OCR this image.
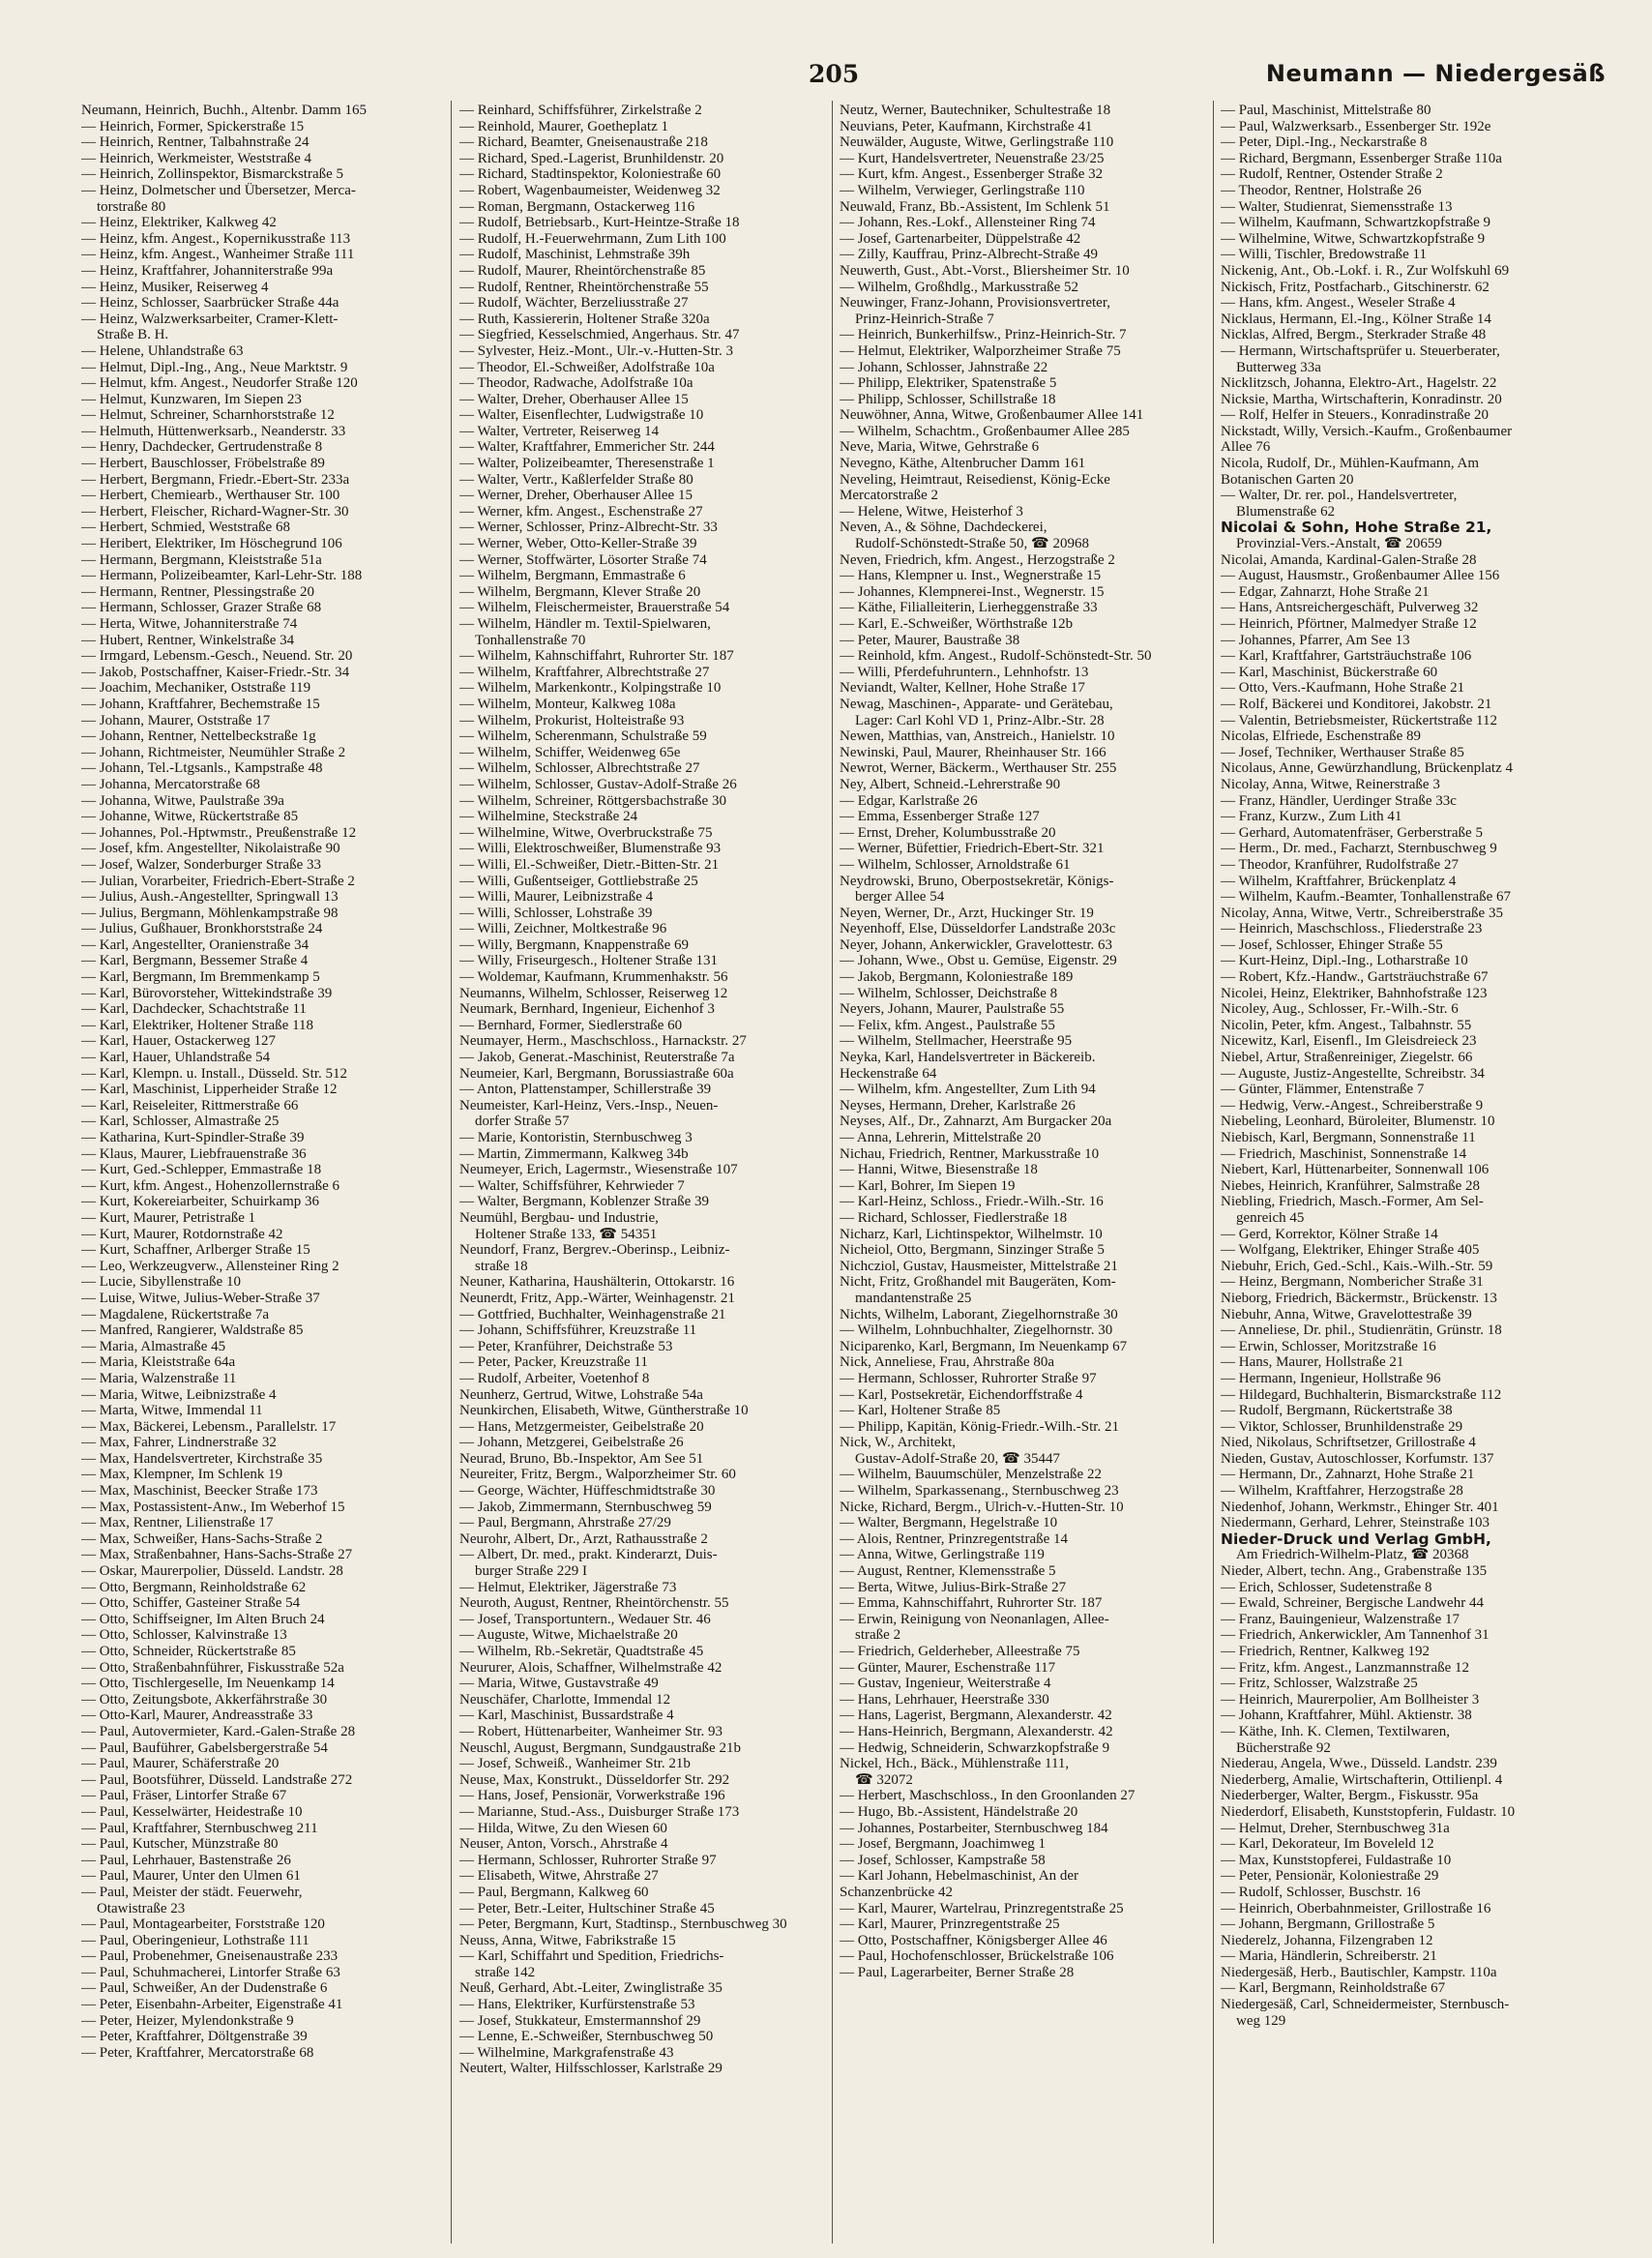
205	Neumann — Niedergesäß
Neumann, Heinrich, Buchh., Altenbr. Damm 165
— Heinrich, Former, Spickerstraße 15
— Heinrich, Rentner, Talbahnstraße 24
— Heinrich, Werkmeister, Weststraße 4
— Heinrich, Zollinspektor, Bismarckstraße 5
— Heinz, Dolmetscher und Übersetzer, Merca-
torstraße 80
— Heinz, Elektriker, Kalkweg 42
— Heinz, kfm. Angest., Kopernikusstraße 113
— Heinz, kfm. Angest., Wanheimer Straße 111
— Heinz, Kraftfahrer, Johanniterstraße 99a
— Heinz, Musiker, Reiserweg 4
— Heinz, Schlosser, Saarbrücker Straße 44a
— Heinz, Walzwerksarbeiter, Cramer-Klett-
Straße B. H.
— Helene, Uhlandstraße 63
— Helmut, Dipl.-Ing., Ang., Neue Marktstr. 9
— Helmut, kfm. Angest., Neudorfer Straße 120
— Helmut, Kunzwaren, Im Siepen 23
— Helmut, Schreiner, Scharnhorststraße 12
— Helmuth, Hüttenwerksarb., Neanderstr. 33
— Henry, Dachdecker, Gertrudenstraße 8
— Herbert, Bauschlosser, Fröbelstraße 89
— Herbert, Bergmann, Friedr.-Ebert-Str. 233a
— Herbert, Chemiearb., Werthauser Str. 100
— Herbert, Fleischer, Richard-Wagner-Str. 30
— Herbert, Schmied, Weststraße 68
— Heribert, Elektriker, Im Höschegrund 106
— Hermann, Bergmann, Kleiststraße 51a
— Hermann, Polizeibeamter, Karl-Lehr-Str. 188
— Hermann, Rentner, Plessingstraße 20
— Hermann, Schlosser, Grazer Straße 68
— Herta, Witwe, Johanniterstraße 74
— Hubert, Rentner, Winkelstraße 34
— Irmgard, Lebensm.-Gesch., Neuend. Str. 20
— Jakob, Postschaffner, Kaiser-Friedr.-Str. 34
— Joachim, Mechaniker, Oststraße 119
— Johann, Kraftfahrer, Bechemstraße 15
— Johann, Maurer, Oststraße 17
— Johann, Rentner, Nettelbeckstraße 1g
— Johann, Richtmeister, Neumühler Straße 2
— Johann, Tel.-Ltgsanls., Kampstraße 48
— Johanna, Mercatorstraße 68
— Johanna, Witwe, Paulstraße 39a
— Johanne, Witwe, Rückertstraße 85
— Johannes, Pol.-Hptwmstr., Preußenstraße 12
— Josef, kfm. Angestellter, Nikolaistraße 90
— Josef, Walzer, Sonderburger Straße 33
— Julian, Vorarbeiter, Friedrich-Ebert-Straße 2
— Julius, Aush.-Angestellter, Springwall 13
— Julius, Bergmann, Möhlenkampstraße 98
— Julius, Gußhauer, Bronkhorststraße 24
— Karl, Angestellter, Oranienstraße 34
— Karl, Bergmann, Bessemer Straße 4
— Karl, Bergmann, Im Bremmenkamp 5
— Karl, Bürovorsteher, Wittekindstraße 39
— Karl, Dachdecker, Schachtstraße 11
— Karl, Elektriker, Holtener Straße 118
— Karl, Hauer, Ostackerweg 127
— Karl, Hauer, Uhlandstraße 54
— Karl, Klempn. u. Install., Düsseld. Str. 512
— Karl, Maschinist, Lipperheider Straße 12
— Karl, Reiseleiter, Rittmerstraße 66
— Karl, Schlosser, Almastraße 25
— Katharina, Kurt-Spindler-Straße 39
— Klaus, Maurer, Liebfrauenstraße 36
— Kurt, Ged.-Schlepper, Emmastraße 18
— Kurt, kfm. Angest., Hohenzollernstraße 6
— Kurt, Kokereiarbeiter, Schuirkamp 36
— Kurt, Maurer, Petristraße 1
— Kurt, Maurer, Rotdornstraße 42
— Kurt, Schaffner, Arlberger Straße 15
— Leo, Werkzeugverw., Allensteiner Ring 2
— Lucie, Sibyllenstraße 10
— Luise, Witwe, Julius-Weber-Straße 37
— Magdalene, Rückertstraße 7a
— Manfred, Rangierer, Waldstraße 85
— Maria, Almastraße 45
— Maria, Kleiststraße 64a
— Maria, Walzenstraße 11
— Maria, Witwe, Leibnizstraße 4
— Marta, Witwe, Immendal 11
— Max, Bäckerei, Lebensm., Parallelstr. 17
— Max, Fahrer, Lindnerstraße 32
— Max, Handelsvertreter, Kirchstraße 35
— Max, Klempner, Im Schlenk 19
— Max, Maschinist, Beecker Straße 173
— Max, Postassistent-Anw., Im Weberhof 15
— Max, Rentner, Lilienstraße 17
— Max, Schweißer, Hans-Sachs-Straße 2
— Max, Straßenbahner, Hans-Sachs-Straße 27
— Oskar, Maurerpolier, Düsseld. Landstr. 28
— Otto, Bergmann, Reinholdstraße 62
— Otto, Schiffer, Gasteiner Straße 54
— Otto, Schiffseigner, Im Alten Bruch 24
— Otto, Schlosser, Kalvinstraße 13
— Otto, Schneider, Rückertstraße 85
— Otto, Straßenbahnführer, Fiskusstraße 52a
— Otto, Tischlergeselle, Im Neuenkamp 14
— Otto, Zeitungsbote, Akkerfährstraße 30
— Otto-Karl, Maurer, Andreasstraße 33
— Paul, Autovermieter, Kard.-Galen-Straße 28
— Paul, Bauführer, Gabelsbergerstraße 54
— Paul, Maurer, Schäferstraße 20
— Paul, Bootsführer, Düsseld. Landstraße 272
— Paul, Fräser, Lintorfer Straße 67
— Paul, Kesselwärter, Heidestraße 10
— Paul, Kraftfahrer, Sternbuschweg 211
— Paul, Kutscher, Münzstraße 80
— Paul, Lehrhauer, Bastenstraße 26
— Paul, Maurer, Unter den Ulmen 61
— Paul, Meister der städt. Feuerwehr,
Otawistraße 23
— Paul, Montagearbeiter, Forststraße 120
— Paul, Oberingenieur, Lothstraße 111
— Paul, Probenehmer, Gneisenaustraße 233
— Paul, Schuhmacherei, Lintorfer Straße 63
— Paul, Schweißer, An der Dudenstraße 6
— Peter, Eisenbahn-Arbeiter, Eigenstraße 41
— Peter, Heizer, Mylendonkstraße 9
— Peter, Kraftfahrer, Döltgenstraße 39
— Peter, Kraftfahrer, Mercatorstraße 68
— Reinhard, Schiffsführer, Zirkelstraße 2
— Reinhold, Maurer, Goetheplatz 1
— Richard, Beamter, Gneisenaustraße 218
— Richard, Sped.-Lagerist, Brunhildenstr. 20
— Richard, Stadtinspektor, Koloniestraße 60
— Robert, Wagenbaumeister, Weidenweg 32
— Roman, Bergmann, Ostackerweg 116
— Rudolf, Betriebsarb., Kurt-Heintze-Straße 18
— Rudolf, H.-Feuerwehrmann, Zum Lith 100
— Rudolf, Maschinist, Lehmstraße 39h
— Rudolf, Maurer, Rheintörchenstraße 85
— Rudolf, Rentner, Rheintörchenstraße 55
— Rudolf, Wächter, Berzeliusstraße 27
— Ruth, Kassiererin, Holtener Straße 320a
— Siegfried, Kesselschmied, Angerhaus. Str. 47
— Sylvester, Heiz.-Mont., Ulr.-v.-Hutten-Str. 3
— Theodor, El.-Schweißer, Adolfstraße 10a
— Theodor, Radwache, Adolfstraße 10a
— Walter, Dreher, Oberhauser Allee 15
— Walter, Eisenflechter, Ludwigstraße 10
— Walter, Vertreter, Reiserweg 14
— Walter, Kraftfahrer, Emmericher Str. 244
— Walter, Polizeibeamter, Theresenstraße 1
— Walter, Vertr., Kaßlerfelder Straße 80
— Werner, Dreher, Oberhauser Allee 15
— Werner, kfm. Angest., Eschenstraße 27
— Werner, Schlosser, Prinz-Albrecht-Str. 33
— Werner, Weber, Otto-Keller-Straße 39
— Werner, Stoffwärter, Lösorter Straße 74
— Wilhelm, Bergmann, Emmastraße 6
— Wilhelm, Bergmann, Klever Straße 20
— Wilhelm, Fleischermeister, Brauerstraße 54
— Wilhelm, Händler m. Textil-Spielwaren,
Tonhallenstraße 70
— Wilhelm, Kahnschiffahrt, Ruhrorter Str. 187
— Wilhelm, Kraftfahrer, Albrechtstraße 27
— Wilhelm, Markenkontr., Kolpingstraße 10
— Wilhelm, Monteur, Kalkweg 108a
— Wilhelm, Prokurist, Holteistraße 93
— Wilhelm, Scherenmann, Schulstraße 59
— Wilhelm, Schiffer, Weidenweg 65e
— Wilhelm, Schlosser, Albrechtstraße 27
— Wilhelm, Schlosser, Gustav-Adolf-Straße 26
— Wilhelm, Schreiner, Röttgersbachstraße 30
— Wilhelmine, Steckstraße 24
— Wilhelmine, Witwe, Overbruckstraße 75
— Willi, Elektroschweißer, Blumenstraße 93
— Willi, El.-Schweißer, Dietr.-Bitten-Str. 21
— Willi, Gußentseiger, Gottliebstraße 25
— Willi, Maurer, Leibnizstraße 4
— Willi, Schlosser, Lohstraße 39
— Willi, Zeichner, Moltkestraße 96
— Willy, Bergmann, Knappenstraße 69
— Willy, Friseurgesch., Holtener Straße 131
— Woldemar, Kaufmann, Krummenhakstr. 56
Neumanns, Wilhelm, Schlosser, Reiserweg 12
Neumark, Bernhard, Ingenieur, Eichenhof 3
— Bernhard, Former, Siedlerstraße 60
Neumayer, Herm., Maschschloss., Harnackstr. 27
— Jakob, Generat.-Maschinist, Reuterstraße 7a
Neumeier, Karl, Bergmann, Borussiastraße 60a
— Anton, Plattenstamper, Schillerstraße 39
Neumeister, Karl-Heinz, Vers.-Insp., Neuen-
dorfer Straße 57
— Marie, Kontoristin, Sternbuschweg 3
— Martin, Zimmermann, Kalkweg 34b
Neumeyer, Erich, Lagermstr., Wiesenstraße 107
— Walter, Schiffsführer, Kehrwieder 7
— Walter, Bergmann, Koblenzer Straße 39
Neumühl, Bergbau- und Industrie,
Holtener Straße 133, ☎ 54351
Neundorf, Franz, Bergrev.-Oberinsp., Leibniz-
straße 18
Neuner, Katharina, Haushälterin, Ottokarstr. 16
Neunerdt, Fritz, App.-Wärter, Weinhagenstr. 21
— Gottfried, Buchhalter, Weinhagenstraße 21
— Johann, Schiffsführer, Kreuzstraße 11
— Peter, Kranführer, Deichstraße 53
— Peter, Packer, Kreuzstraße 11
— Rudolf, Arbeiter, Voetenhof 8
Neunherz, Gertrud, Witwe, Lohstraße 54a
Neunkirchen, Elisabeth, Witwe, Güntherstraße 10
— Hans, Metzgermeister, Geibelstraße 20
— Johann, Metzgerei, Geibelstraße 26
Neurad, Bruno, Bb.-Inspektor, Am See 51
Neureiter, Fritz, Bergm., Walporzheimer Str. 60
— George, Wächter, Hüffeschmidtstraße 30
— Jakob, Zimmermann, Sternbuschweg 59
— Paul, Bergmann, Ahrstraße 27/29
Neurohr, Albert, Dr., Arzt, Rathausstraße 2
— Albert, Dr. med., prakt. Kinderarzt, Duis-
burger Straße 229 I
— Helmut, Elektriker, Jägerstraße 73
Neuroth, August, Rentner, Rheintörchenstr. 55
— Josef, Transportuntern., Wedauer Str. 46
— Auguste, Witwe, Michaelstraße 20
— Wilhelm, Rb.-Sekretär, Quadtstraße 45
Neururer, Alois, Schaffner, Wilhelmstraße 42
— Maria, Witwe, Gustavstraße 49
Neuschäfer, Charlotte, Immendal 12
— Karl, Maschinist, Bussardstraße 4
— Robert, Hüttenarbeiter, Wanheimer Str. 93
Neuschl, August, Bergmann, Sundgaustraße 21b
— Josef, Schweiß., Wanheimer Str. 21b
Neuse, Max, Konstrukt., Düsseldorfer Str. 292
— Hans, Josef, Pensionär, Vorwerkstraße 196
— Marianne, Stud.-Ass., Duisburger Straße 173
— Hilda, Witwe, Zu den Wiesen 60
Neuser, Anton, Vorsch., Ahrstraße 4
— Hermann, Schlosser, Ruhrorter Straße 97
— Elisabeth, Witwe, Ahrstraße 27
— Paul, Bergmann, Kalkweg 60
— Peter, Betr.-Leiter, Hultschiner Straße 45
— Peter, Bergmann, Kurt, Stadtinsp., Sternbuschweg 30
Neuss, Anna, Witwe, Fabrikstraße 15
— Karl, Schiffahrt und Spedition, Friedrichs-
straße 142
Neuß, Gerhard, Abt.-Leiter, Zwinglistraße 35
— Hans, Elektriker, Kurfürstenstraße 53
— Josef, Stukkateur, Emstermannshof 29
— Lenne, E.-Schweißer, Sternbuschweg 50
— Wilhelmine, Markgrafenstraße 43
Neutert, Walter, Hilfsschlosser, Karlstraße 29
Neutz, Werner, Bautechniker, Schultestraße 18
Neuvians, Peter, Kaufmann, Kirchstraße 41
Neuwälder, Auguste, Witwe, Gerlingstraße 110
— Kurt, Handelsvertreter, Neuenstraße 23/25
— Kurt, kfm. Angest., Essenberger Straße 32
— Wilhelm, Verwieger, Gerlingstraße 110
Neuwald, Franz, Bb.-Assistent, Im Schlenk 51
— Johann, Res.-Lokf., Allensteiner Ring 74
— Josef, Gartenarbeiter, Düppelstraße 42
— Zilly, Kauffrau, Prinz-Albrecht-Straße 49
Neuwerth, Gust., Abt.-Vorst., Bliersheimer Str. 10
— Wilhelm, Großhdlg., Markusstraße 52
Neuwinger, Franz-Johann, Provisionsvertreter,
Prinz-Heinrich-Straße 7
— Heinrich, Bunkerhilfsw., Prinz-Heinrich-Str. 7
— Helmut, Elektriker, Walporzheimer Straße 75
— Johann, Schlosser, Jahnstraße 22
— Philipp, Elektriker, Spatenstraße 5
— Philipp, Schlosser, Schillstraße 18
Neuwöhner, Anna, Witwe, Großenbaumer Allee 141
— Wilhelm, Schachtm., Großenbaumer Allee 285
Neve, Maria, Witwe, Gehrstraße 6
Nevegno, Käthe, Altenbrucher Damm 161
Neveling, Heimtraut, Reisedienst, König-Ecke
Mercatorstraße 2
— Helene, Witwe, Heisterhof 3
Neven, A., & Söhne, Dachdeckerei,
Rudolf-Schönstedt-Straße 50, ☎ 20968
Neven, Friedrich, kfm. Angest., Herzogstraße 2
— Hans, Klempner u. Inst., Wegnerstraße 15
— Johannes, Klempnerei-Inst., Wegnerstr. 15
— Käthe, Filialleiterin, Lierheggenstraße 33
— Karl, E.-Schweißer, Wörthstraße 12b
— Peter, Maurer, Baustraße 38
— Reinhold, kfm. Angest., Rudolf-Schönstedt-Str. 50
— Willi, Pferdefuhruntern., Lehnhofstr. 13
Neviandt, Walter, Kellner, Hohe Straße 17
Newag, Maschinen-, Apparate- und Gerätebau,
Lager: Carl Kohl VD 1, Prinz-Albr.-Str. 28
Newen, Matthias, van, Anstreich., Hanielstr. 10
Newinski, Paul, Maurer, Rheinhauser Str. 166
Newrot, Werner, Bäckerm., Werthauser Str. 255
Ney, Albert, Schneid.-Lehrerstraße 90
— Edgar, Karlstraße 26
— Emma, Essenberger Straße 127
— Ernst, Dreher, Kolumbusstraße 20
— Werner, Büfettier, Friedrich-Ebert-Str. 321
— Wilhelm, Schlosser, Arnoldstraße 61
Neydrowski, Bruno, Oberpostsekretär, Königs-
berger Allee 54
Neyen, Werner, Dr., Arzt, Huckinger Str. 19
Neyenhoff, Else, Düsseldorfer Landstraße 203c
Neyer, Johann, Ankerwickler, Gravelottestr. 63
— Johann, Wwe., Obst u. Gemüse, Eigenstr. 29
— Jakob, Bergmann, Koloniestraße 189
— Wilhelm, Schlosser, Deichstraße 8
Neyers, Johann, Maurer, Paulstraße 55
— Felix, kfm. Angest., Paulstraße 55
— Wilhelm, Stellmacher, Heerstraße 95
Neyka, Karl, Handelsvertreter in Bäckereib.
Heckenstraße 64
— Wilhelm, kfm. Angestellter, Zum Lith 94
Neyses, Hermann, Dreher, Karlstraße 26
Neyses, Alf., Dr., Zahnarzt, Am Burgacker 20a
— Anna, Lehrerin, Mittelstraße 20
Nichau, Friedrich, Rentner, Markusstraße 10
— Hanni, Witwe, Biesenstraße 18
— Karl, Bohrer, Im Siepen 19
— Karl-Heinz, Schloss., Friedr.-Wilh.-Str. 16
— Richard, Schlosser, Fiedlerstraße 18
Nicharz, Karl, Lichtinspektor, Wilhelmstr. 10
Nicheiol, Otto, Bergmann, Sinzinger Straße 5
Nichcziol, Gustav, Hausmeister, Mittelstraße 21
Nicht, Fritz, Großhandel mit Baugeräten, Kom-
mandantenstraße 25
Nichts, Wilhelm, Laborant, Ziegelhornstraße 30
— Wilhelm, Lohnbuchhalter, Ziegelhornstr. 30
Niciparenko, Karl, Bergmann, Im Neuenkamp 67
Nick, Anneliese, Frau, Ahrstraße 80a
— Hermann, Schlosser, Ruhrorter Straße 97
— Karl, Postsekretär, Eichendorffstraße 4
— Karl, Holtener Straße 85
— Philipp, Kapitän, König-Friedr.-Wilh.-Str. 21
Nick, W., Architekt,
Gustav-Adolf-Straße 20, ☎ 35447
— Wilhelm, Bauumschüler, Menzelstraße 22
— Wilhelm, Sparkassenang., Sternbuschweg 23
Nicke, Richard, Bergm., Ulrich-v.-Hutten-Str. 10
— Walter, Bergmann, Hegelstraße 10
— Alois, Rentner, Prinzregentstraße 14
— Anna, Witwe, Gerlingstraße 119
— August, Rentner, Klemensstraße 5
— Berta, Witwe, Julius-Birk-Straße 27
— Emma, Kahnschiffahrt, Ruhrorter Str. 187
— Erwin, Reinigung von Neonanlagen, Allee-
straße 2
— Friedrich, Gelderheber, Alleestraße 75
— Günter, Maurer, Eschenstraße 117
— Gustav, Ingenieur, Weiterstraße 4
— Hans, Lehrhauer, Heerstraße 330
— Hans, Lagerist, Bergmann, Alexanderstr. 42
— Hans-Heinrich, Bergmann, Alexanderstr. 42
— Hedwig, Schneiderin, Schwarzkopfstraße 9
Nickel, Hch., Bäck., Mühlenstraße 111,
☎ 32072
— Herbert, Maschschloss., In den Groonlanden 27
— Hugo, Bb.-Assistent, Händelstraße 20
— Johannes, Postarbeiter, Sternbuschweg 184
— Josef, Bergmann, Joachimweg 1
— Josef, Schlosser, Kampstraße 58
— Karl Johann, Hebelmaschinist, An der
Schanzenbrücke 42
— Karl, Maurer, Wartelrau, Prinzregentstraße 25
— Karl, Maurer, Prinzregentstraße 25
— Otto, Postschaffner, Königsberger Allee 46
— Paul, Hochofenschlosser, Brückelstraße 106
— Paul, Lagerarbeiter, Berner Straße 28
— Paul, Maschinist, Mittelstraße 80
— Paul, Walzwerksarb., Essenberger Str. 192e
— Peter, Dipl.-Ing., Neckarstraße 8
— Richard, Bergmann, Essenberger Straße 110a
— Rudolf, Rentner, Ostender Straße 2
— Theodor, Rentner, Holstraße 26
— Walter, Studienrat, Siemensstraße 13
— Wilhelm, Kaufmann, Schwartzkopfstraße 9
— Wilhelmine, Witwe, Schwartzkopfstraße 9
— Willi, Tischler, Bredowstraße 11
Nickenig, Ant., Ob.-Lokf. i. R., Zur Wolfskuhl 69
Nickisch, Fritz, Postfacharb., Gitschinerstr. 62
— Hans, kfm. Angest., Weseler Straße 4
Nicklaus, Hermann, El.-Ing., Kölner Straße 14
Nicklas, Alfred, Bergm., Sterkrader Straße 48
— Hermann, Wirtschaftsprüfer u. Steuerberater,
Butterweg 33a
Nicklitzsch, Johanna, Elektro-Art., Hagelstr. 22
Nicksie, Martha, Wirtschafterin, Konradinstr. 20
— Rolf, Helfer in Steuers., Konradinstraße 20
Nickstadt, Willy, Versich.-Kaufm., Großenbaumer
Allee 76
Nicola, Rudolf, Dr., Mühlen-Kaufmann, Am
Botanischen Garten 20
— Walter, Dr. rer. pol., Handelsvertreter,
Blumenstraße 62
Nicolai & Sohn, Hohe Straße 21,
Provinzial-Vers.-Anstalt, ☎ 20659
Nicolai, Amanda, Kardinal-Galen-Straße 28
— August, Hausmstr., Großenbaumer Allee 156
— Edgar, Zahnarzt, Hohe Straße 21
— Hans, Antsreichergeschäft, Pulverweg 32
— Heinrich, Pförtner, Malmedyer Straße 12
— Johannes, Pfarrer, Am See 13
— Karl, Kraftfahrer, Gartsträuchstraße 106
— Karl, Maschinist, Bückerstraße 60
— Otto, Vers.-Kaufmann, Hohe Straße 21
— Rolf, Bäckerei und Konditorei, Jakobstr. 21
— Valentin, Betriebsmeister, Rückertstraße 112
Nicolas, Elfriede, Eschenstraße 89
— Josef, Techniker, Werthauser Straße 85
Nicolaus, Anne, Gewürzhandlung, Brückenplatz 4
Nicolay, Anna, Witwe, Reinerstraße 3
— Franz, Händler, Uerdinger Straße 33c
— Franz, Kurzw., Zum Lith 41
— Gerhard, Automatenfräser, Gerberstraße 5
— Herm., Dr. med., Facharzt, Sternbuschweg 9
— Theodor, Kranführer, Rudolfstraße 27
— Wilhelm, Kraftfahrer, Brückenplatz 4
— Wilhelm, Kaufm.-Beamter, Tonhallenstraße 67
Nicolay, Anna, Witwe, Vertr., Schreiberstraße 35
— Heinrich, Maschschloss., Fliederstraße 23
— Josef, Schlosser, Ehinger Straße 55
— Kurt-Heinz, Dipl.-Ing., Lotharstraße 10
— Robert, Kfz.-Handw., Gartsträuchstraße 67
Nicolei, Heinz, Elektriker, Bahnhofstraße 123
Nicoley, Aug., Schlosser, Fr.-Wilh.-Str. 6
Nicolin, Peter, kfm. Angest., Talbahnstr. 55
Nicewitz, Karl, Eisenfl., Im Gleisdreieck 23
Niebel, Artur, Straßenreiniger, Ziegelstr. 66
— Auguste, Justiz-Angestellte, Schreibstr. 34
— Günter, Flämmer, Entenstraße 7
— Hedwig, Verw.-Angest., Schreiberstraße 9
Niebeling, Leonhard, Büroleiter, Blumenstr. 10
Niebisch, Karl, Bergmann, Sonnenstraße 11
— Friedrich, Maschinist, Sonnenstraße 14
Niebert, Karl, Hüttenarbeiter, Sonnenwall 106
Niebes, Heinrich, Kranführer, Salmstraße 28
Niebling, Friedrich, Masch.-Former, Am Sel-
genreich 45
— Gerd, Korrektor, Kölner Straße 14
— Wolfgang, Elektriker, Ehinger Straße 405
Niebuhr, Erich, Ged.-Schl., Kais.-Wilh.-Str. 59
— Heinz, Bergmann, Nombericher Straße 31
Nieborg, Friedrich, Bäckermstr., Brückenstr. 13
Niebuhr, Anna, Witwe, Gravelottestraße 39
— Anneliese, Dr. phil., Studienrätin, Grünstr. 18
— Erwin, Schlosser, Moritzstraße 16
— Hans, Maurer, Hollstraße 21
— Hermann, Ingenieur, Hollstraße 96
— Hildegard, Buchhalterin, Bismarckstraße 112
— Rudolf, Bergmann, Rückertstraße 38
— Viktor, Schlosser, Brunhildenstraße 29
Nied, Nikolaus, Schriftsetzer, Grillostraße 4
Nieden, Gustav, Autoschlosser, Korfumstr. 137
— Hermann, Dr., Zahnarzt, Hohe Straße 21
— Wilhelm, Kraftfahrer, Herzogstraße 28
Niedenhof, Johann, Werkmstr., Ehinger Str. 401
Niedermann, Gerhard, Lehrer, Steinstraße 103
Nieder-Druck und Verlag GmbH,
Am Friedrich-Wilhelm-Platz, ☎ 20368
Nieder, Albert, techn. Ang., Grabenstraße 135
— Erich, Schlosser, Sudetenstraße 8
— Ewald, Schreiner, Bergische Landwehr 44
— Franz, Bauingenieur, Walzenstraße 17
— Friedrich, Ankerwickler, Am Tannenhof 31
— Friedrich, Rentner, Kalkweg 192
— Fritz, kfm. Angest., Lanzmannstraße 12
— Fritz, Schlosser, Walzstraße 25
— Heinrich, Maurerpolier, Am Bollheister 3
— Johann, Kraftfahrer, Mühl. Aktienstr. 38
— Käthe, Inh. K. Clemen, Textilwaren,
Bücherstraße 92
Niederau, Angela, Wwe., Düsseld. Landstr. 239
Niederberg, Amalie, Wirtschafterin, Ottilienpl. 4
Niederberger, Walter, Bergm., Fiskusstr. 95a
Niederdorf, Elisabeth, Kunststopferin, Fuldastr. 10
— Helmut, Dreher, Sternbuschweg 31a
— Karl, Dekorateur, Im Boveleld 12
— Max, Kunststopferei, Fuldastraße 10
— Peter, Pensionär, Koloniestraße 29
— Rudolf, Schlosser, Buschstr. 16
— Heinrich, Oberbahnmeister, Grillostraße 16
— Johann, Bergmann, Grillostraße 5
Niederelz, Johanna, Filzengraben 12
— Maria, Händlerin, Schreiberstr. 21
Niedergesäß, Herb., Bautischler, Kampstr. 110a
— Karl, Bergmann, Reinholdstraße 67
Niedergesäß, Carl, Schneidermeister, Sternbusch-
weg 129
